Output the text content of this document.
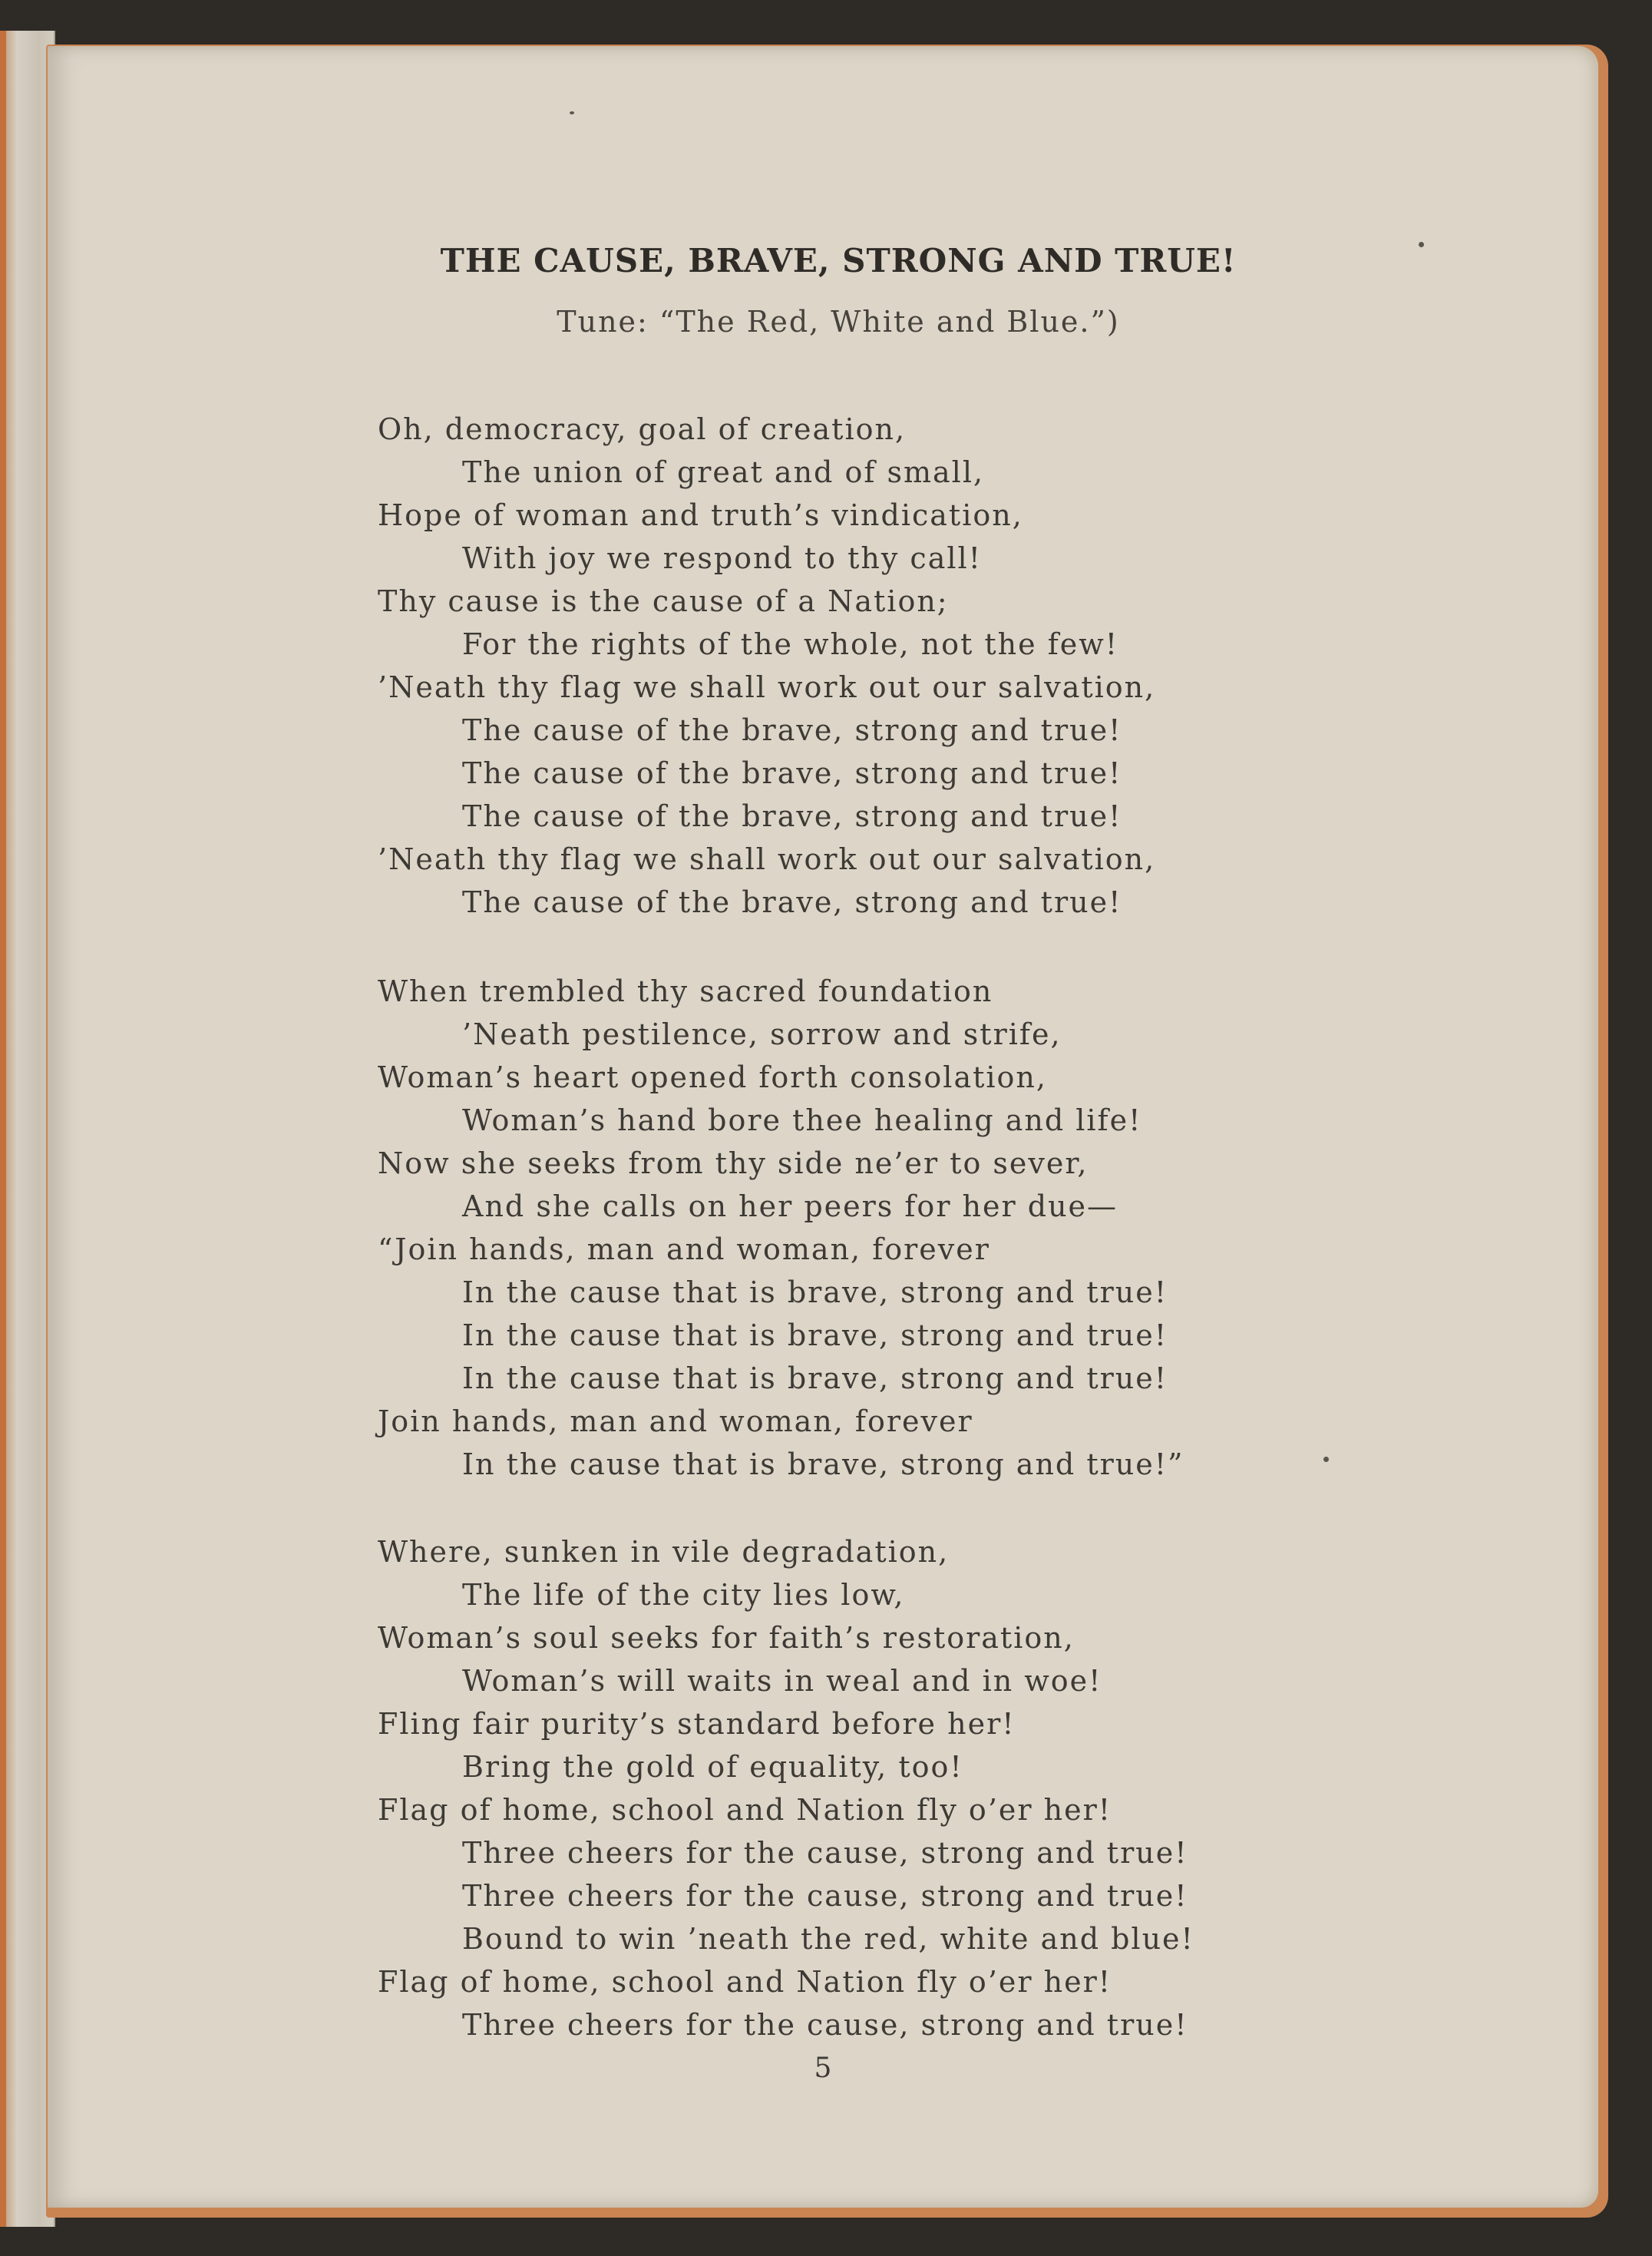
THE CAUSE, BRAVE, STRONG AND TRUE!
Tune: “The Red, White and Blue.”)
Oh, democracy, goal of creation,
The union of great and of small,
Hope of woman and truth’s vindication,
With joy we respond to thy call!
Thy cause is the cause of a Nation;
For the rights of the whole, not the few!
’Neath thy flag we shall work out our salvation,
The cause of the brave, strong and true!
The cause of the brave, strong and true!
The cause of the brave, strong and true!
’Neath thy flag we shall work out our salvation,
The cause of the brave, strong and true!
When trembled thy sacred foundation
’Neath pestilence, sorrow and strife,
Woman’s heart opened forth consolation,
Woman’s hand bore thee healing and life!
Now she seeks from thy side ne’er to sever,
And she calls on her peers for her due—
“Join hands, man and woman, forever
In the cause that is brave, strong and true!
In the cause that is brave, strong and true!
In the cause that is brave, strong and true!
Join hands, man and woman, forever
In the cause that is brave, strong and true!”
Where, sunken in vile degradation,
The life of the city lies low,
Woman’s soul seeks for faith’s restoration,
Woman’s will waits in weal and in woe!
Fling fair purity’s standard before her!
Bring the gold of equality, too!
Flag of home, school and Nation fly o’er her!
Three cheers for the cause, strong and true!
Three cheers for the cause, strong and true!
Bound to win ’neath the red, white and blue!
Flag of home, school and Nation fly o’er her!
Three cheers for the cause, strong and true!
5
